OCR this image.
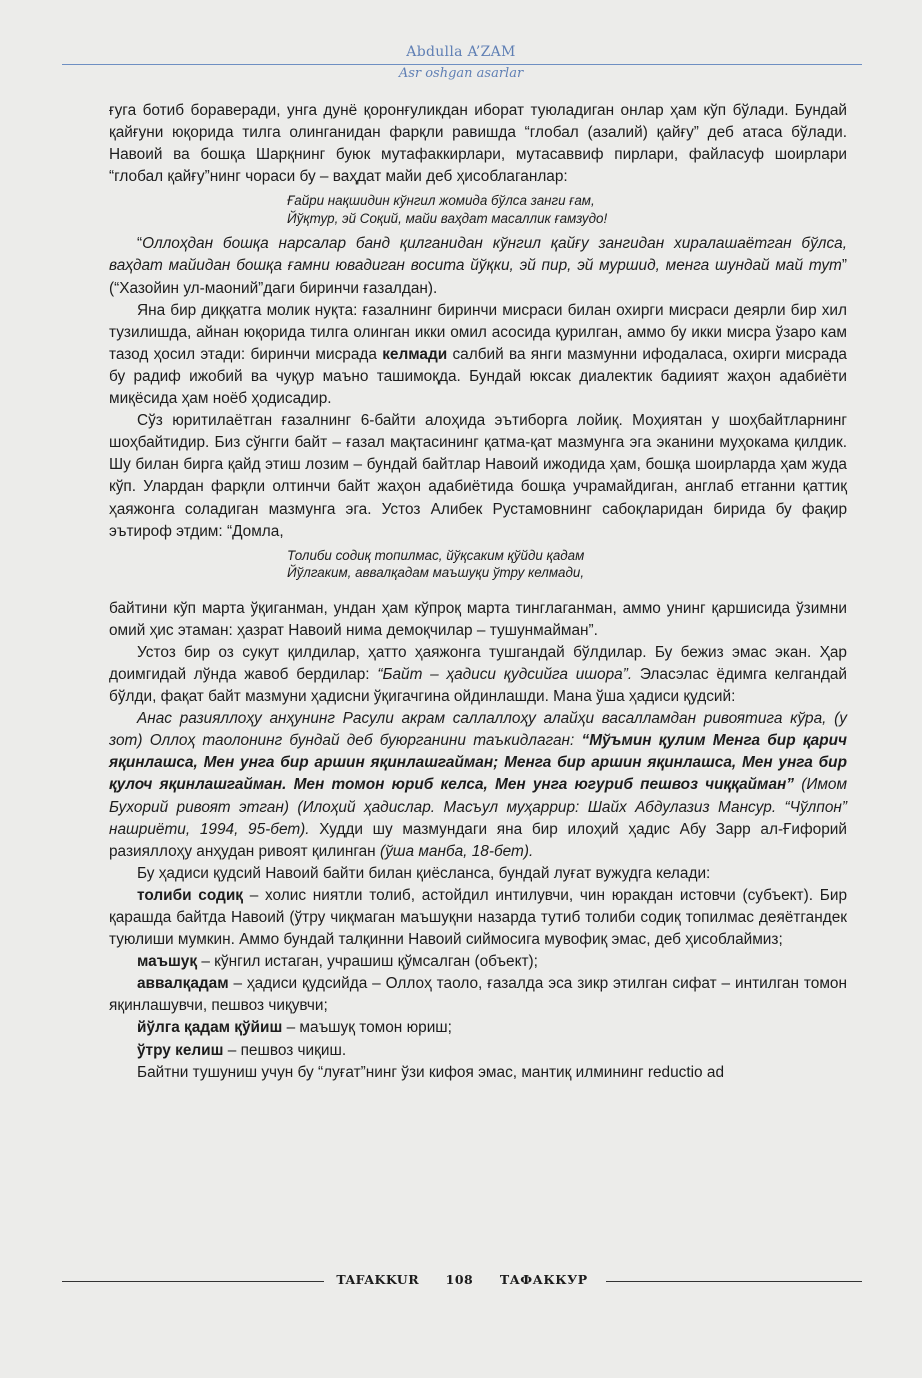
Abdulla A’ZAM
Asr oshgan asarlar

ғуга ботиб бораверади, унга дунё қоронғуликдан иборат туюладиган онлар ҳам кўп бўлади. Бундай қайғуни юқорида тилга олинганидан фарқли равишда “глобал (азалий) қайғу” деб атаса бўлади. Навоий ва бошқа Шарқнинг буюк мутафаккирлари, мутасаввиф пирлари, файласуф шоирлари “глобал қайғу”нинг чораси бу – ваҳдат майи деб ҳисоблаганлар:

Ғайри нақшидин кўнгил жомида бўлса занги ғам,
Йўқтур, эй Соқий, майи ваҳдат масаллик ғамзудо!

“Оллоҳдан бошқа нарсалар банд қилганидан кўнгил қайғу зангидан хиралашаётган бўлса, ваҳдат майидан бошқа ғамни ювадиган восита йўқки, эй пир, эй муршид, менга шундай май тут” (“Хазойин ул-маоний”даги биринчи ғазалдан).

Яна бир диққатга молик нуқта: ғазалнинг биринчи мисраси билан охирги мисраси деярли бир хил тузилишда, айнан юқорида тилга олинган икки омил асосида қурилган, аммо бу икки мисра ўзаро кам тазод ҳосил этади: биринчи мисрада келмади салбий ва янги мазмунни ифодаласа, охирги мисрада бу радиф ижобий ва чуқур маъно ташимоқда. Бундай юксак диалектик бадиият жаҳон адабиёти миқёсида ҳам ноёб ҳодисадир.

Сўз юритилаётган ғазалнинг 6-байти алоҳида эътиборга лойиқ. Моҳиятан у шоҳбайтларнинг шоҳбайтидир. Биз сўнгги байт – ғазал мақтасининг қатма-қат мазмунга эга эканини муҳокама қилдик. Шу билан бирга қайд этиш лозим – бундай байтлар Навоий ижодида ҳам, бошқа шоирларда ҳам жуда кўп. Улардан фарқли олтинчи байт жаҳон адабиётида бошқа учрамайдиган, англаб етганни қаттиқ ҳаяжонга соладиган мазмунга эга. Устоз Алибек Рустамовнинг сабоқларидан бирида бу фақир эътироф этдим: “Домла,

Толиби содиқ топилмас, йўқсаким қўйди қадам
Йўлгаким, аввалқадам маъшуқи ўтру келмади,

байтини кўп марта ўқиганман, ундан ҳам кўпроқ марта тинглаганман, аммо унинг қаршисида ўзимни омий ҳис этаман: ҳазрат Навоий нима демоқчилар – тушунмайман”.

Устоз бир оз сукут қилдилар, ҳатто ҳаяжонга тушгандай бўлдилар. Бу бежиз эмас экан. Ҳар доимгидай лўнда жавоб бердилар: “Байт – ҳадиси қудсийга ишора”. Эласэлас ёдимга келгандай бўлди, фақат байт мазмуни ҳадисни ўқигачгина ойдинлашди. Мана ўша ҳадиси қудсий:

Анас разияллоҳу анҳунинг Расули акрам саллаллоҳу алайҳи васалламдан ривоятига кўра, (у зот) Оллоҳ таолонинг бундай деб буюрганини таъкидлаган: “Мўъмин қулим Менга бир қарич яқинлашса, Мен унга бир аршин яқинлашгайман; Менга бир аршин яқинлашса, Мен унга бир қулоч яқинлашгайман. Мен томон юриб келса, Мен унга югуриб пешвоз чиққайман” (Имом Бухорий ривоят этган) (Илоҳий ҳадислар. Масъул муҳаррир: Шайх Абдулазиз Мансур. “Чўлпон” нашриёти, 1994, 95-бет). Худди шу мазмундаги яна бир илоҳий ҳадис Абу Зарр ал-Ғифорий разияллоҳу анҳудан ривоят қилинган (ўша манба, 18-бет).

Бу ҳадиси қудсий Навоий байти билан қиёсланса, бундай луғат вужудга келади:

толиби содиқ – холис ниятли толиб, астойдил интилувчи, чин юракдан истовчи (субъект). Бир қарашда байтда Навоий (ўтру чиқмаган маъшуқни назарда тутиб толиби содиқ топилмас деяётгандек туюлиши мумкин. Аммо бундай талқинни Навоий сиймосига мувофиқ эмас, деб ҳисоблаймиз;

маъшуқ – кўнгил истаган, учрашиш қўмсалган (объект);

аввалқадам – ҳадиси қудсийда – Оллоҳ таоло, ғазалда эса зикр этилган сифат – интилган томон яқинлашувчи, пешвоз чиқувчи;

йўлга қадам қўйиш – маъшуқ томон юриш;

ўтру келиш – пешвоз чиқиш.

Байтни тушуниш учун бу “луғат”нинг ўзи кифоя эмас, мантиқ илмининг reductio ad

TAFAKKUR 108 ТАФАККУР
